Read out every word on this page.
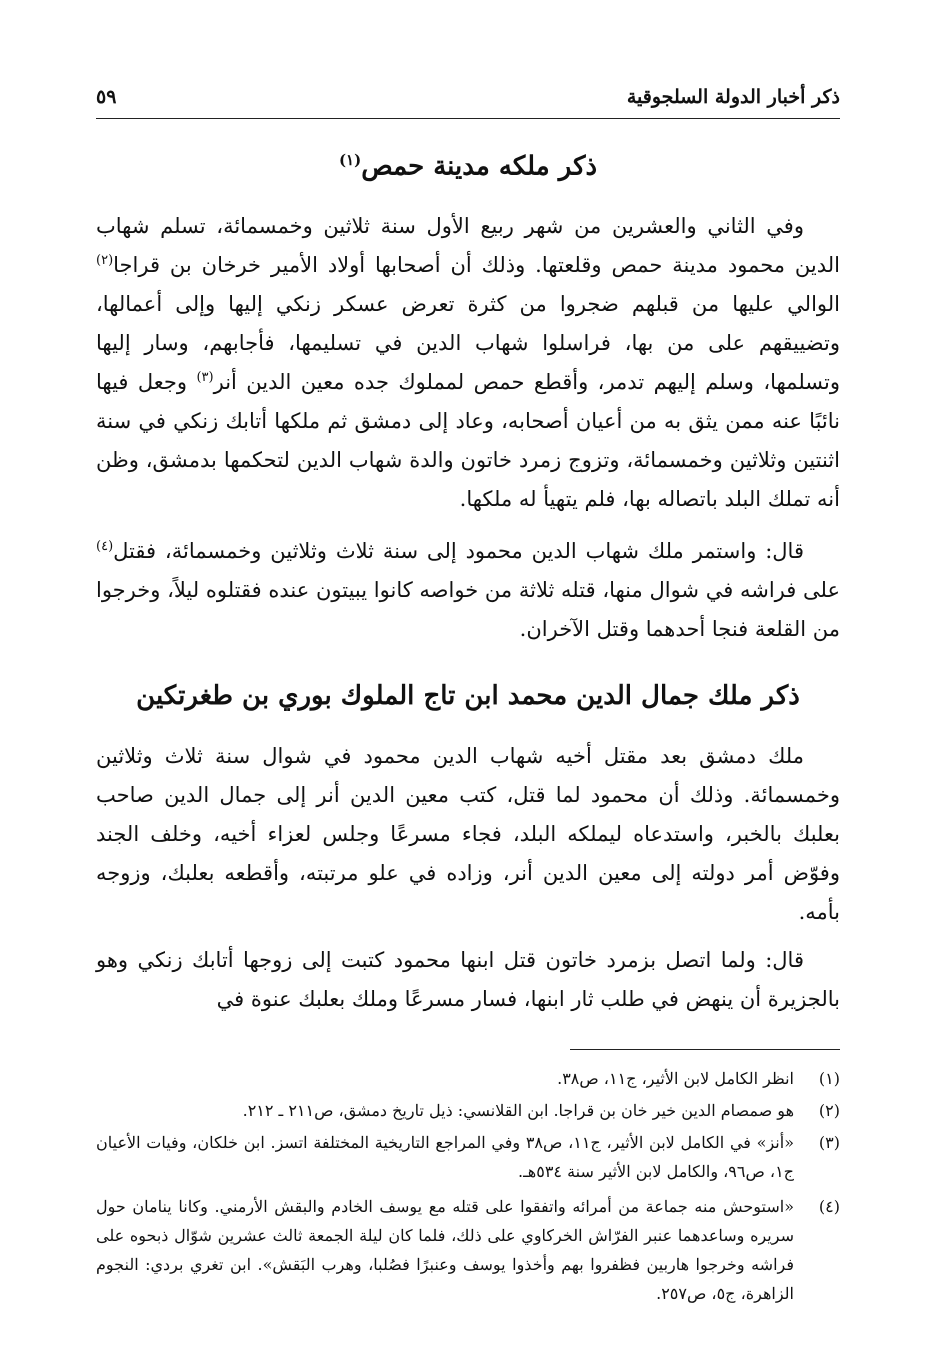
ذكر أخبار الدولة السلجوقية
٥٩
ذكر ملكه مدينة حمص$^{(١)}$
وفي الثاني والعشرين من شهر ربيع الأول سنة ثلاثين وخمسمائة، تسلم شهاب الدين محمود مدينة حمص وقلعتها. وذلك أن أصحابها أولاد الأمير خرخان بن قراجا$^{(٢)}$ الوالي عليها من قبلهم ضجروا من كثرة تعرض عسكر زنكي إليها وإلى أعمالها، وتضييقهم على من بها، فراسلوا شهاب الدين في تسليمها، فأجابهم، وسار إليها وتسلمها، وسلم إليهم تدمر، وأقطع حمص لمملوك جده معين الدين أنر$^{(٣)}$ وجعل فيها نائبًا عنه ممن يثق به من أعيان أصحابه، وعاد إلى دمشق ثم ملكها أتابك زنكي في سنة اثنتين وثلاثين وخمسمائة، وتزوج زمرد خاتون والدة شهاب الدين لتحكمها بدمشق، وظن أنه تملك البلد باتصاله بها، فلم يتهيأ له ملكها.
قال: واستمر ملك شهاب الدين محمود إلى سنة ثلاث وثلاثين وخمسمائة، فقتل$^{(٤)}$ على فراشه في شوال منها، قتله ثلاثة من خواصه كانوا يبيتون عنده فقتلوه ليلاً، وخرجوا من القلعة فنجا أحدهما وقتل الآخران.
ذكر ملك جمال الدين محمد ابن تاج الملوك بوري بن طغرتكين
ملك دمشق بعد مقتل أخيه شهاب الدين محمود في شوال سنة ثلاث وثلاثين وخمسمائة. وذلك أن محمود لما قتل، كتب معين الدين أنر إلى جمال الدين صاحب بعلبك بالخبر، واستدعاه ليملكه البلد، فجاء مسرعًا وجلس لعزاء أخيه، وخلف الجند وفوّض أمر دولته إلى معين الدين أنر، وزاده في علو مرتبته، وأقطعه بعلبك، وزوجه بأمه.
قال: ولما اتصل بزمرد خاتون قتل ابنها محمود كتبت إلى زوجها أتابك زنكي وهو بالجزيرة أن ينهض في طلب ثار ابنها، فسار مسرعًا وملك بعلبك عنوة في
(١)
انظر الكامل لابن الأثير، ج١١، ص٣٨.
(٢)
هو صمصام الدين خير خان بن قراجا. ابن القلانسي: ذيل تاريخ دمشق، ص٢١١ ـ ٢١٢.
(٣)
«أنز» في الكامل لابن الأثير، ج١١، ص٣٨ وفي المراجع التاريخية المختلفة اتسز. ابن خلكان، وفيات الأعيان ج١، ص٩٦، والكامل لابن الأثير سنة ٥٣٤هـ.
(٤)
«استوحش منه جماعة من أمرائه واتفقوا على قتله مع يوسف الخادم والبقش الأرمني. وكانا ينامان حول سريره وساعدهما عنبر الفرّاش الخركاوي على ذلك، فلما كان ليلة الجمعة ثالث عشرين شوّال ذبحوه على فراشه وخرجوا هاربين فظفروا بهم وأخذوا يوسف وعنبرًا فصُلبا، وهرب البَقش». ابن تغري بردي: النجوم الزاهرة، ج٥، ص٢٥٧.
